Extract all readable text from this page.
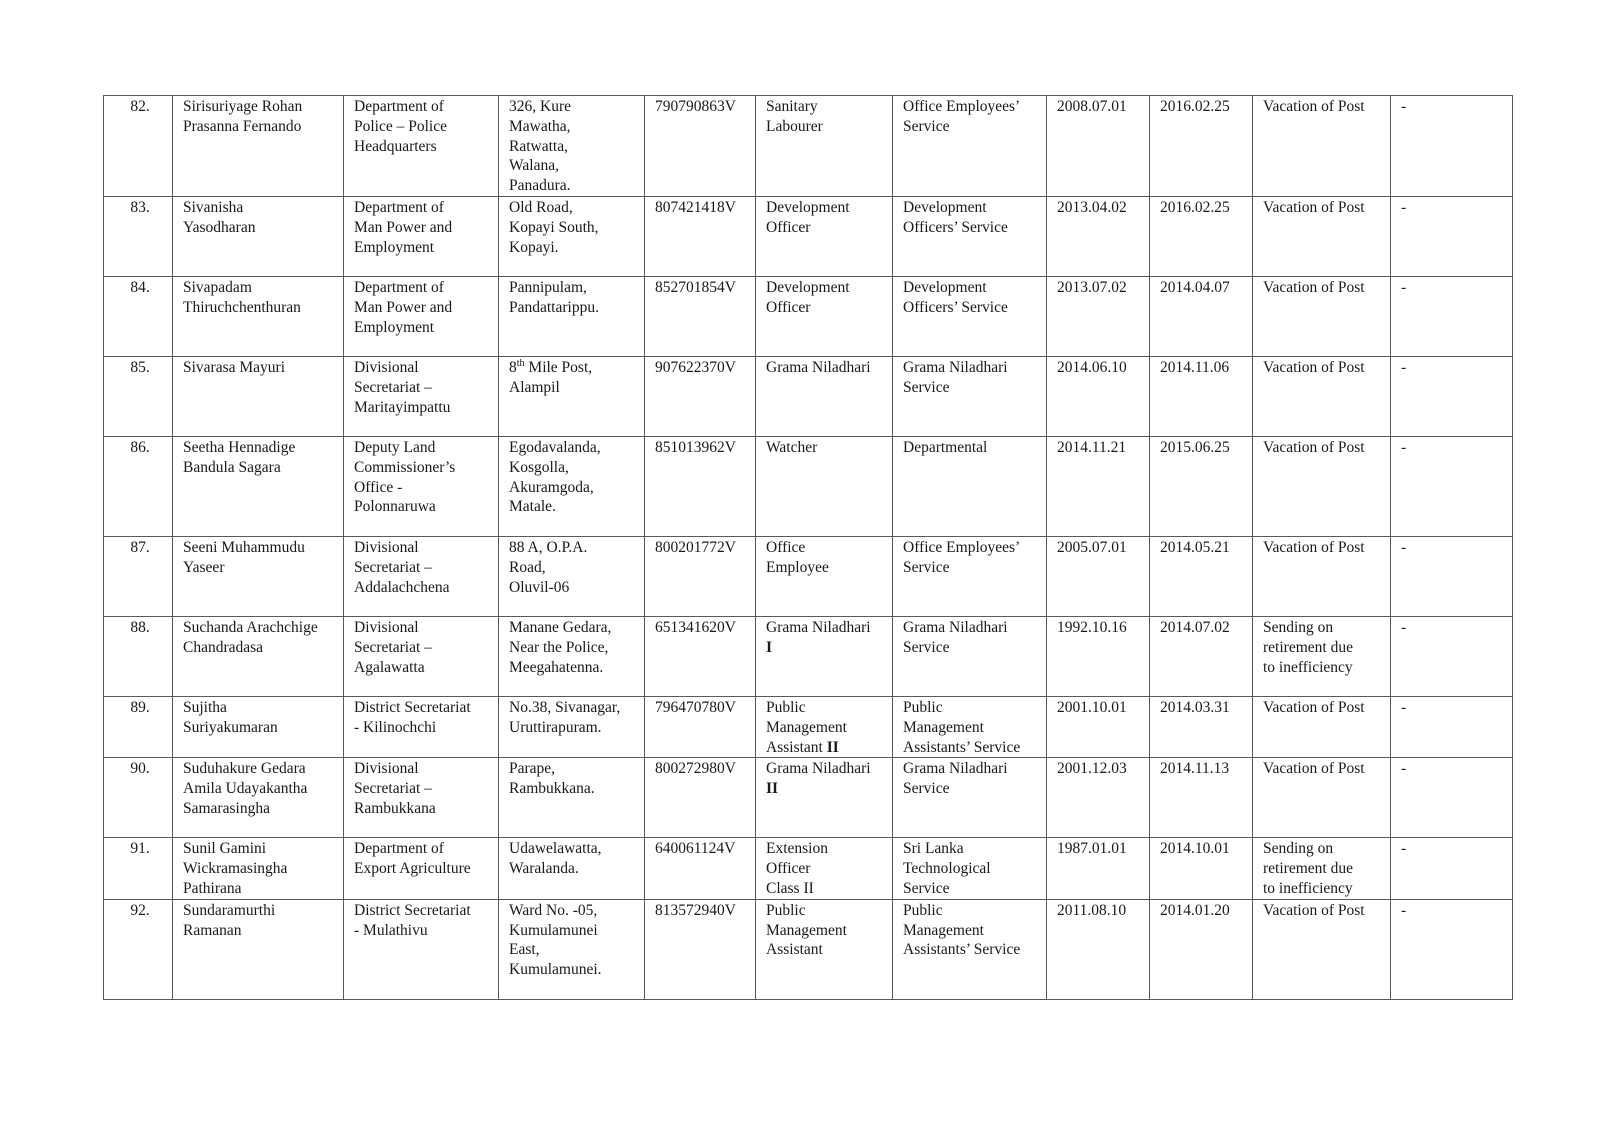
82.	Sirisuriyage Rohan
Prasanna Fernando	Department of
Police – Police
Headquarters	326, Kure
Mawatha,
Ratwatta,
Walana,
Panadura.	790790863V	Sanitary
Labourer	Office Employees’
Service	2008.07.01	2016.02.25	Vacation of Post	-
83.	Sivanisha
Yasodharan	Department of
Man Power and
Employment	Old Road,
Kopayi South,
Kopayi.	807421418V	Development
Officer	Development
Officers’ Service	2013.04.02	2016.02.25	Vacation of Post	-
84.	Sivapadam
Thiruchchenthuran	Department of
Man Power and
Employment	Pannipulam,
Pandattarippu.	852701854V	Development
Officer	Development
Officers’ Service	2013.07.02	2014.04.07	Vacation of Post	-
85.	Sivarasa Mayuri	Divisional
Secretariat –
Maritayimpattu	8th Mile Post,
Alampil	907622370V	Grama Niladhari	Grama Niladhari
Service	2014.06.10	2014.11.06	Vacation of Post	-
86.	Seetha Hennadige
Bandula Sagara	Deputy Land
Commissioner’s
Office -
Polonnaruwa	Egodavalanda,
Kosgolla,
Akuramgoda,
Matale.	851013962V	Watcher	Departmental	2014.11.21	2015.06.25	Vacation of Post	-
87.	Seeni Muhammudu
Yaseer	Divisional
Secretariat –
Addalachchena	88 A, O.P.A.
Road,
Oluvil-06	800201772V	Office
Employee	Office Employees’
Service	2005.07.01	2014.05.21	Vacation of Post	-
88.	Suchanda Arachchige
Chandradasa	Divisional
Secretariat –
Agalawatta	Manane Gedara,
Near the Police,
Meegahatenna.	651341620V	Grama Niladhari
I	Grama Niladhari
Service	1992.10.16	2014.07.02	Sending on
retirement due
to inefficiency	-
89.	Sujitha
Suriyakumaran	District Secretariat
- Kilinochchi	No.38, Sivanagar,
Uruttirapuram.	796470780V	Public
Management
Assistant II	Public
Management
Assistants’ Service	2001.10.01	2014.03.31	Vacation of Post	-
90.	Suduhakure Gedara
Amila Udayakantha
Samarasingha	Divisional
Secretariat –
Rambukkana	Parape,
Rambukkana.	800272980V	Grama Niladhari
II	Grama Niladhari
Service	2001.12.03	2014.11.13	Vacation of Post	-
91.	Sunil Gamini
Wickramasingha
Pathirana	Department of
Export Agriculture	Udawelawatta,
Waralanda.	640061124V	Extension
Officer
Class II	Sri Lanka
Technological
Service	1987.01.01	2014.10.01	Sending on
retirement due
to inefficiency	-
92.	Sundaramurthi
Ramanan	District Secretariat
- Mulathivu	Ward No. -05,
Kumulamunei
East,
Kumulamunei.	813572940V	Public
Management
Assistant	Public
Management
Assistants’ Service	2011.08.10	2014.01.20	Vacation of Post	-
